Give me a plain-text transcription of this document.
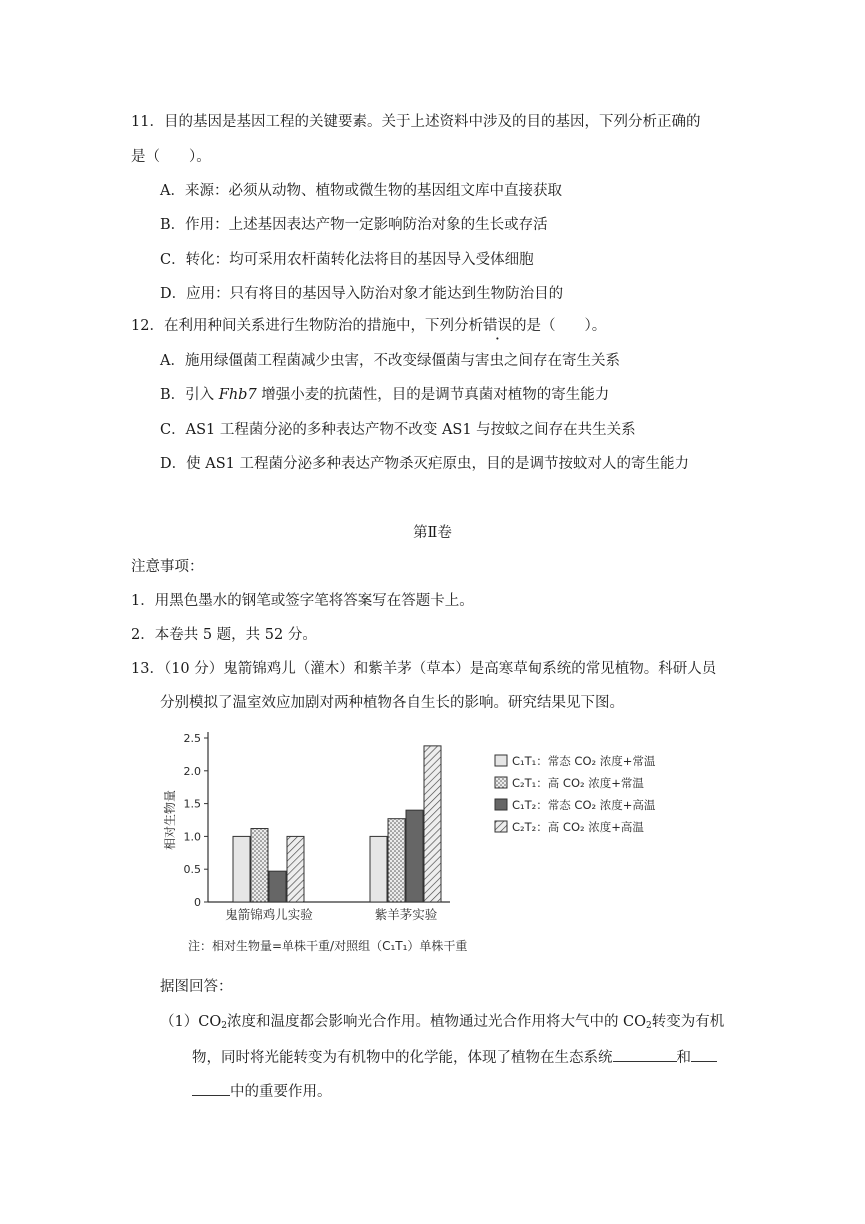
11．目的基因是基因工程的关键要素。关于上述资料中涉及的目的基因，下列分析正确的
是（　　）。
A．来源：必须从动物、植物或微生物的基因组文库中直接获取
B．作用：上述基因表达产物一定影响防治对象的生长或存活
C．转化：均可采用农杆菌转化法将目的基因导入受体细胞
D．应用：只有将目的基因导入防治对象才能达到生物防治目的
12．在利用种间关系进行生物防治的措施中，下列分析错误的是（　　）。
A．施用绿僵菌工程菌减少虫害，不改变绿僵菌与害虫之间存在寄生关系
B．引入 Fhb7 增强小麦的抗菌性，目的是调节真菌对植物的寄生能力
C．AS1 工程菌分泌的多种表达产物不改变 AS1 与按蚊之间存在共生关系
D．使 AS1 工程菌分泌多种表达产物杀灭疟原虫，目的是调节按蚊对人的寄生能力
第Ⅱ卷
注意事项：
1．用黑色墨水的钢笔或签字笔将答案写在答题卡上。
2．本卷共 5 题，共 52 分。
13．（10 分）鬼箭锦鸡儿（灌木）和紫羊茅（草本）是高寒草甸系统的常见植物。科研人员
分别模拟了温室效应加剧对两种植物各自生长的影响。研究结果见下图。
相对生物量
2.5
2.0
1.5
1.0
0.5
0
鬼箭锦鸡儿实验	紫羊茅实验
C₁T₁：常态 CO₂ 浓度+常温
C₂T₁：高 CO₂ 浓度+常温
C₁T₂：常态 CO₂ 浓度+高温
C₂T₂：高 CO₂ 浓度+高温
注：相对生物量=单株干重/对照组（C₁T₁）单株干重
据图回答：
$(1)CO_2$浓度和温度都会影响光合作用。植物通过光合作用将大气中的 $CO_2$转变为有机
物，同时将光能转变为有机物中的化学能，体现了植物在生态系统	和
中的重要作用。
